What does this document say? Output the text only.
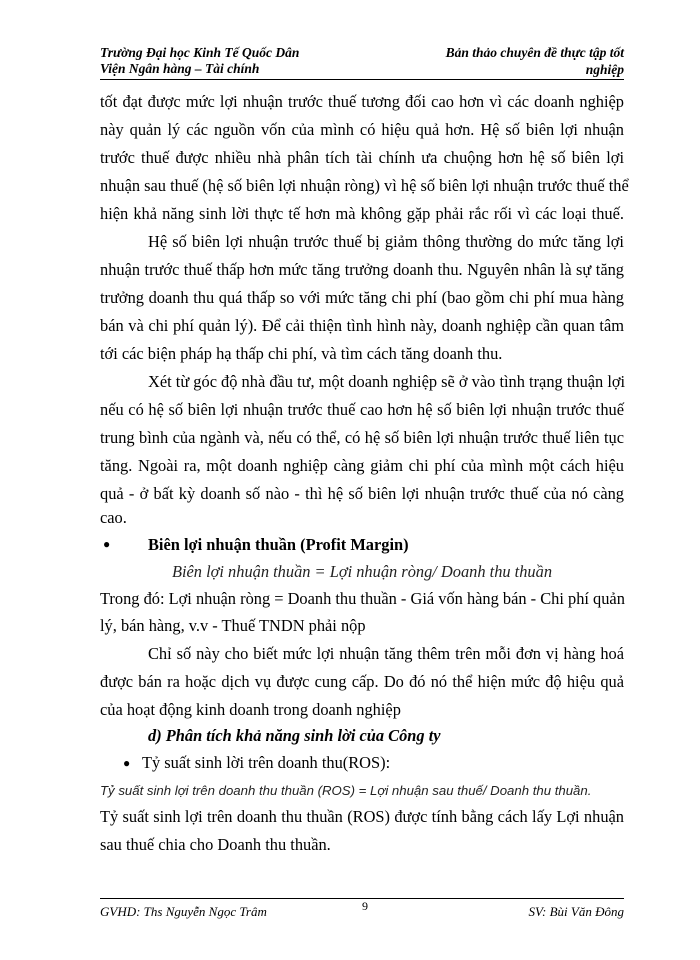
Trường Đại học Kinh Tế Quốc Dân
Viện Ngân hàng – Tài chính
Bản thảo chuyên đề thực tập tốt nghiệp
tốt đạt được mức lợi nhuận trước thuế tương đối cao hơn vì các doanh nghiệp
này quản lý các nguồn vốn của mình có hiệu quả hơn. Hệ số biên lợi nhuận
trước thuế được nhiều nhà phân tích tài chính ưa chuộng hơn hệ số biên lợi
nhuận sau thuế (hệ số biên lợi nhuận ròng) vì hệ số biên lợi nhuận trước thuế thể
hiện khả năng sinh lời thực tế hơn mà không gặp phải rắc rối vì các loại thuế.
Hệ số biên lợi nhuận trước thuế bị giảm thông thường do mức tăng lợi
nhuận trước thuế thấp hơn mức tăng trưởng doanh thu. Nguyên nhân là sự tăng
trưởng doanh thu quá thấp so với mức tăng chi phí (bao gồm chi phí mua hàng
bán và chi phí quản lý). Để cải thiện tình hình này, doanh nghiệp cần quan tâm
tới các biện pháp hạ thấp chi phí, và tìm cách tăng doanh thu.
Xét từ góc độ nhà đầu tư, một doanh nghiệp sẽ ở vào tình trạng thuận lợi
nếu có hệ số biên lợi nhuận trước thuế cao hơn hệ số biên lợi nhuận trước thuế
trung bình của ngành và, nếu có thể, có hệ số biên lợi nhuận trước thuế liên tục
tăng. Ngoài ra, một doanh nghiệp càng giảm chi phí của mình một cách hiệu
quả - ở bất kỳ doanh số nào - thì hệ số biên lợi nhuận trước thuế của nó càng
cao.
● Biên lợi nhuận thuần (Profit Margin)
Biên lợi nhuận thuần = Lợi nhuận ròng/ Doanh thu thuần
Trong đó: Lợi nhuận ròng = Doanh thu thuần - Giá vốn hàng bán - Chi phí quản
lý, bán hàng, v.v - Thuế TNDN phải nộp
Chỉ số này cho biết mức lợi nhuận tăng thêm trên mỗi đơn vị hàng hoá
được bán ra hoặc dịch vụ được cung cấp. Do đó nó thể hiện mức độ hiệu quả
của hoạt động kinh doanh trong doanh nghiệp
d) Phân tích khả năng sinh lời của Công ty
● Tỷ suất sinh lời trên doanh thu(ROS):
Tỷ suất sinh lợi trên doanh thu thuần (ROS) = Lợi nhuận sau thuế/ Doanh thu thuần.
Tỷ suất sinh lợi trên doanh thu thuần (ROS) được tính bằng cách lấy Lợi nhuận
sau thuế chia cho Doanh thu thuần.
GVHD: Ths Nguyễn Ngọc Trâm	9	SV: Bùi Văn Đông
